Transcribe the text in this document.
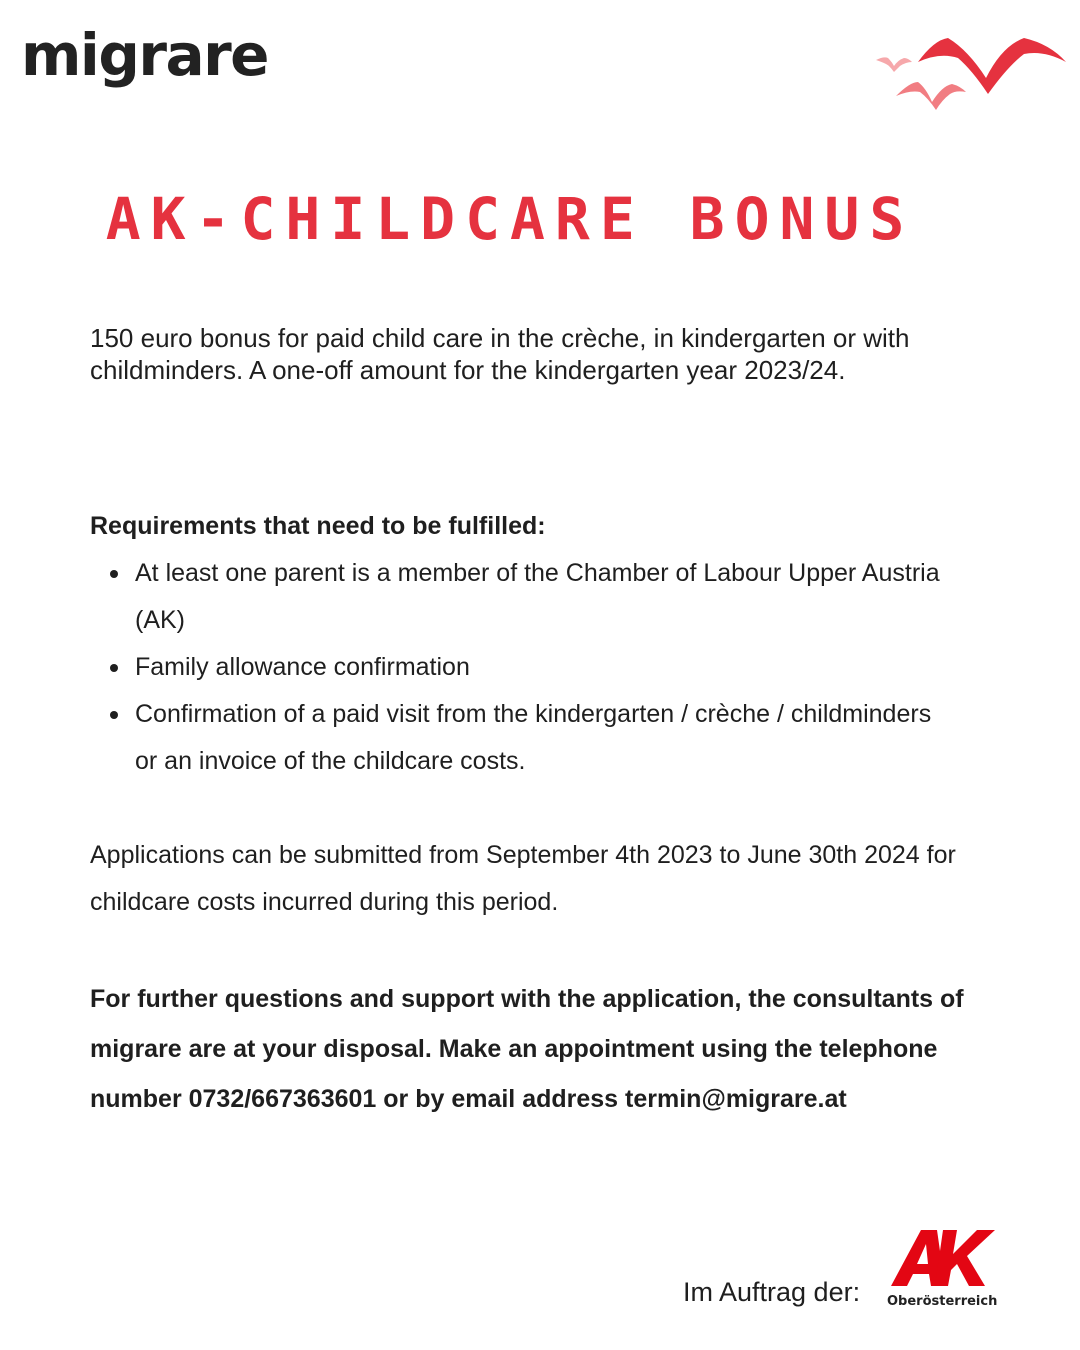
migrare
AK-CHILDCARE BONUS
150 euro bonus for paid child care in the crèche, in kindergarten or with childminders. A one-off amount for the kindergarten year 2023/24.
Requirements that need to be fulfilled:
At least one parent is a member of the Chamber of Labour Upper Austria (AK)
Family allowance confirmation
Confirmation of a paid visit from the kindergarten / crèche / childminders or an invoice of the childcare costs.
Applications can be submitted from September 4th 2023 to June 30th 2024 for childcare costs incurred during this period.
For further questions and support with the application, the consultants of migrare are at your disposal. Make an appointment using the telephone number 0732/667363601 or by email address termin@migrare.at
Im Auftrag der: Oberösterreich
